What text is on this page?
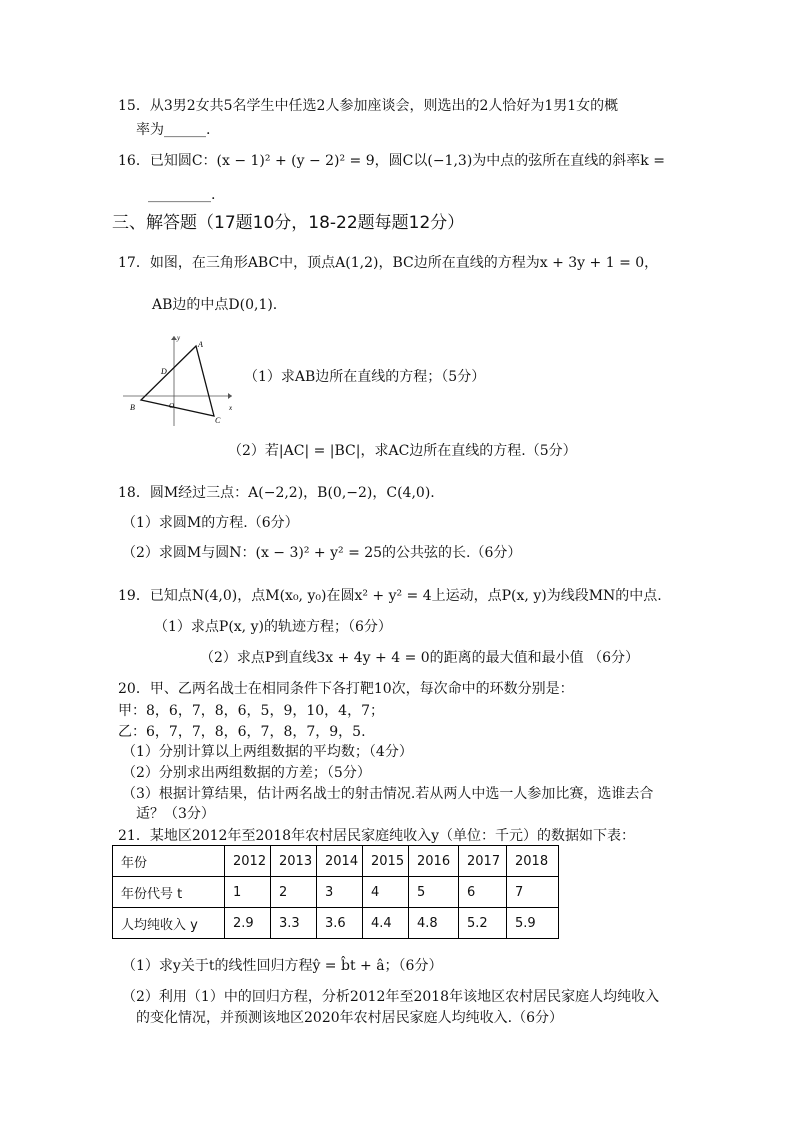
15．从3男2女共5名学生中任选2人参加座谈会，则选出的2人恰好为1男1女的概
率为______.
16．已知圆C：(x − 1)² + (y − 2)² = 9，圆C以(−1,3)为中点的弦所在直线的斜率k =
_________.
三、解答题（17题10分，18-22题每题12分）
17．如图，在三角形ABC中，顶点A(1,2)，BC边所在直线的方程为x + 3y + 1 = 0，
AB边的中点D(0,1).
A
B
C
D
O	x
y
（1）求AB边所在直线的方程；（5分）
（2）若|AC| = |BC|，求AC边所在直线的方程.（5分）
18．圆M经过三点：A(−2,2)，B(0,−2)，C(4,0).
（1）求圆M的方程.（6分）
（2）求圆M与圆N：(x − 3)² + y² = 25的公共弦的长.（6分）
19．已知点N(4,0)，点M(x₀, y₀)在圆x² + y² = 4上运动，点P(x, y)为线段MN的中点.
（1）求点P(x, y)的轨迹方程；（6分）
（2）求点P到直线3x + 4y + 4 = 0的距离的最大值和最小值 （6分）
20．甲、乙两名战士在相同条件下各打靶10次，每次命中的环数分别是：
甲：8，6，7，8，6，5，9，10，4，7；
乙：6，7，7，8，6，7，8，7，9，5.
（1）分别计算以上两组数据的平均数；（4分）
（2）分别求出两组数据的方差；（5分）
（3）根据计算结果，估计两名战士的射击情况.若从两人中选一人参加比赛，选谁去合
适？（3分）
21．某地区2012年至2018年农村居民家庭纯收入y（单位：千元）的数据如下表：
年份	2012	2013	2014	2015	2016	2017	2018
年份代号 t	1	2	3	4	5	6	7
人均纯收入 y	2.9	3.3	3.6	4.4	4.8	5.2	5.9
（1）求y关于t的线性回归方程ŷ = b̂t + â；（6分）
（2）利用（1）中的回归方程，分析2012年至2018年该地区农村居民家庭人均纯收入
的变化情况，并预测该地区2020年农村居民家庭人均纯收入.（6分）
